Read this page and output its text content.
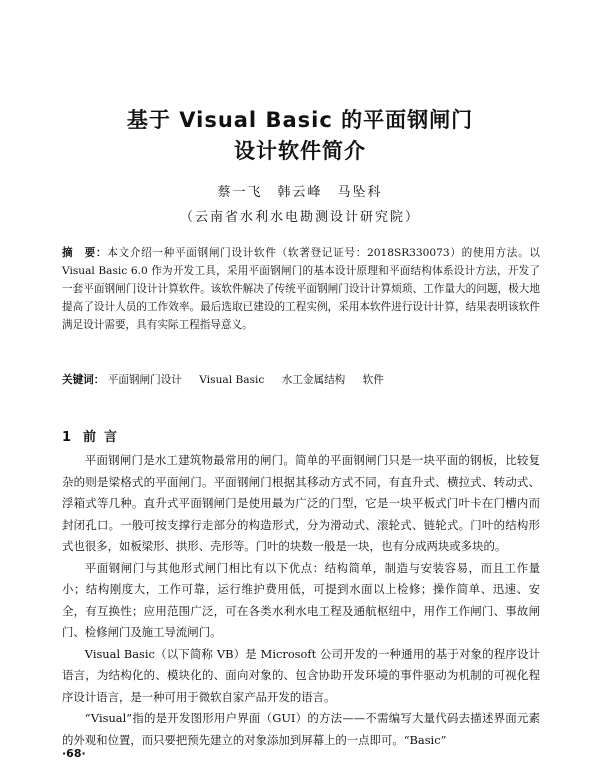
基于 Visual Basic 的平面钢闸门
设计软件简介
蔡一飞　韩云峰　马坠科
（云南省水利水电勘测设计研究院）
摘　要：本文介绍一种平面钢闸门设计软件（软著登记证号：2018SR330073）的使用方法。以 Visual Basic 6.0 作为开发工具，采用平面钢闸门的基本设计原理和平面结构体系设计方法，开发了一套平面钢闸门设计计算软件。该软件解决了传统平面钢闸门设计计算烦琐、工作量大的问题，极大地提高了设计人员的工作效率。最后选取已建设的工程实例，采用本软件进行设计计算，结果表明该软件满足设计需要，具有实际工程指导意义。
关键词： 平面钢闸门设计 Visual Basic 水工金属结构 软件
1 前言

平面钢闸门是水工建筑物最常用的闸门。简单的平面钢闸门只是一块平面的钢板，比较复杂的则是梁格式的平面闸门。平面钢闸门根据其移动方式不同，有直升式、横拉式、转动式、浮箱式等几种。直升式平面钢闸门是使用最为广泛的门型，它是一块平板式门叶卡在门槽内而封闭孔口。一般可按支撑行走部分的构造形式，分为滑动式、滚轮式、链轮式。门叶的结构形式也很多，如板梁形、拱形、壳形等。门叶的块数一般是一块，也有分成两块或多块的。

平面钢闸门与其他形式闸门相比有以下优点：结构简单，制造与安装容易，而且工作量小；结构刚度大，工作可靠，运行维护费用低，可提到水面以上检修；操作简单、迅速、安全，有互换性；应用范围广泛，可在各类水利水电工程及通航枢纽中，用作工作闸门、事故闸门、检修闸门及施工导流闸门。

Visual Basic（以下简称 VB）是 Microsoft 公司开发的一种通用的基于对象的程序设计语言，为结构化的、模块化的、面向对象的、包含协助开发环境的事件驱动为机制的可视化程序设计语言，是一种可用于微软自家产品开发的语言。

“Visual”指的是开发图形用户界面（GUI）的方法——不需编写大量代码去描述界面元素的外观和位置，而只要把预先建立的对象添加到屏幕上的一点即可。“Basic”

·68·
